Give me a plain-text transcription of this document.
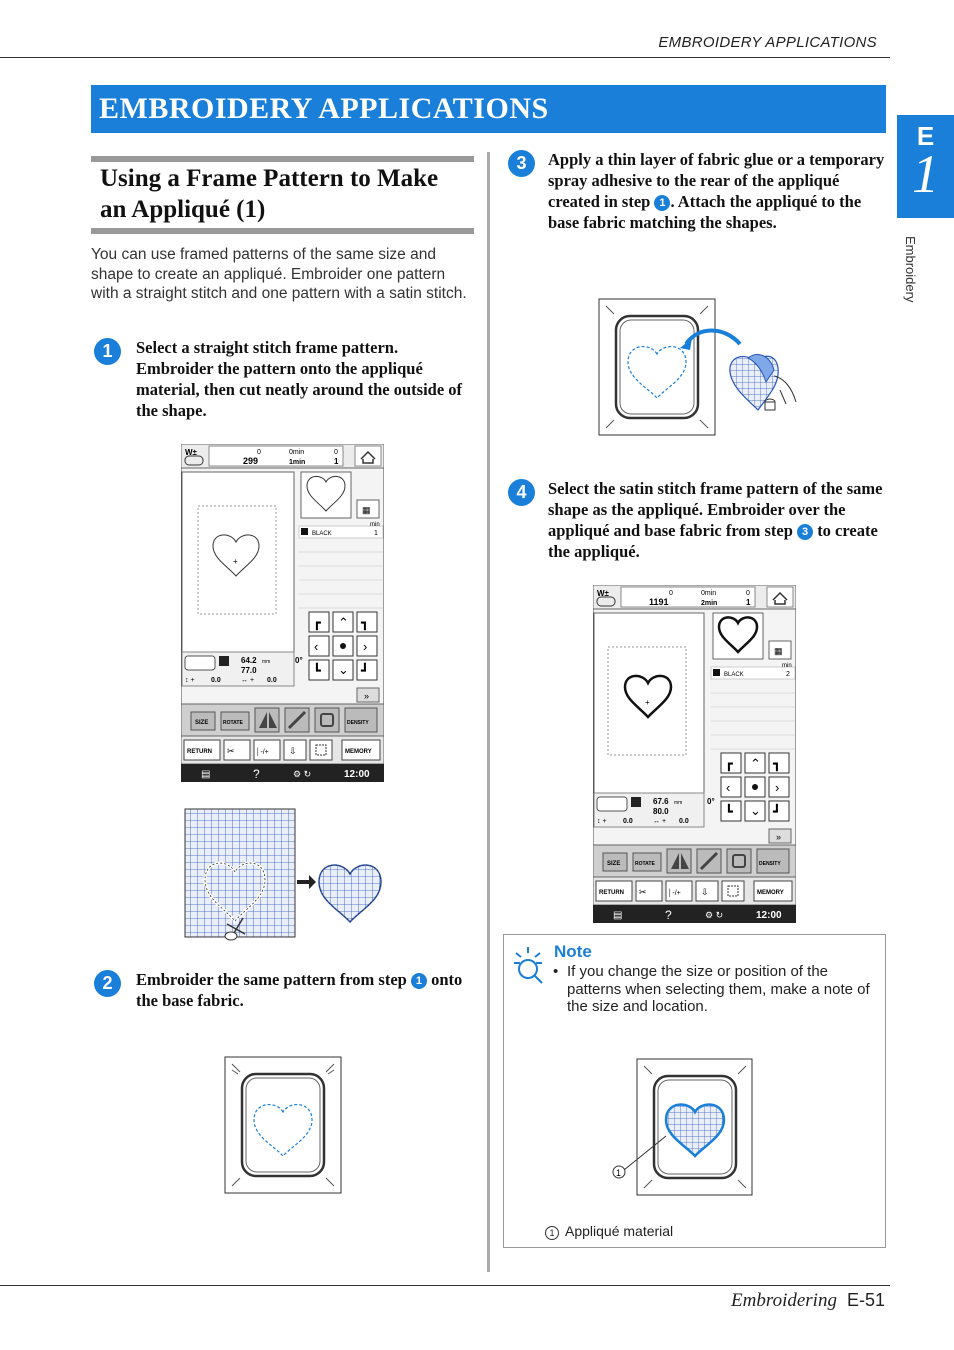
EMBROIDERY APPLICATIONS
E
1
Embroidery
EMBROIDERY APPLICATIONS
Using a Frame Pattern to Make
an Appliqué (1)
You can use framed patterns of the same size and shape to create an appliqué. Embroider one pattern with a straight stitch and one pattern with a satin stitch.
1	Select a straight stitch frame pattern. Embroider the pattern onto the appliqué material, then cut neatly around the outside of the shape.
W±	0
299
0min
1min
0
1
+
▦
BLACK
min
1
┏ ⌃ ┓
‹	›
┗ ⌄ ┛
64.2
77.0
mm	0°
↕ + 0.0	↔ + 0.0
»
SIZE	ROTATE	DENSITY
RETURN ✂	│-/+ ⇩	MEMORY
▤	?	⚙ ↻	12:00
2	Embroider the same pattern from step 1 onto the base fabric.
3	Apply a thin layer of fabric glue or a temporary spray adhesive to the rear of the appliqué created in step 1 . Attach the appliqué to the base fabric matching the shapes.
4	Select the satin stitch frame pattern of the same shape as the appliqué. Embroider over the appliqué and base fabric from step 3 to create the appliqué.
W±	0
1191
0min
2min
0
1
+
▦
BLACK
min
2
┏ ⌃ ┓
‹	›
┗ ⌄ ┛
67.6
80.0
mm	0°
↕ + 0.0	↔ + 0.0
»
SIZE	ROTATE	DENSITY
RETURN ✂	│-/+ ⇩	MEMORY
▤	?	⚙ ↻	12:00
Note
• If you change the size or position of the patterns when selecting them, make a note of the size and location.
1
1 Appliqué material
Embroidering E-51
